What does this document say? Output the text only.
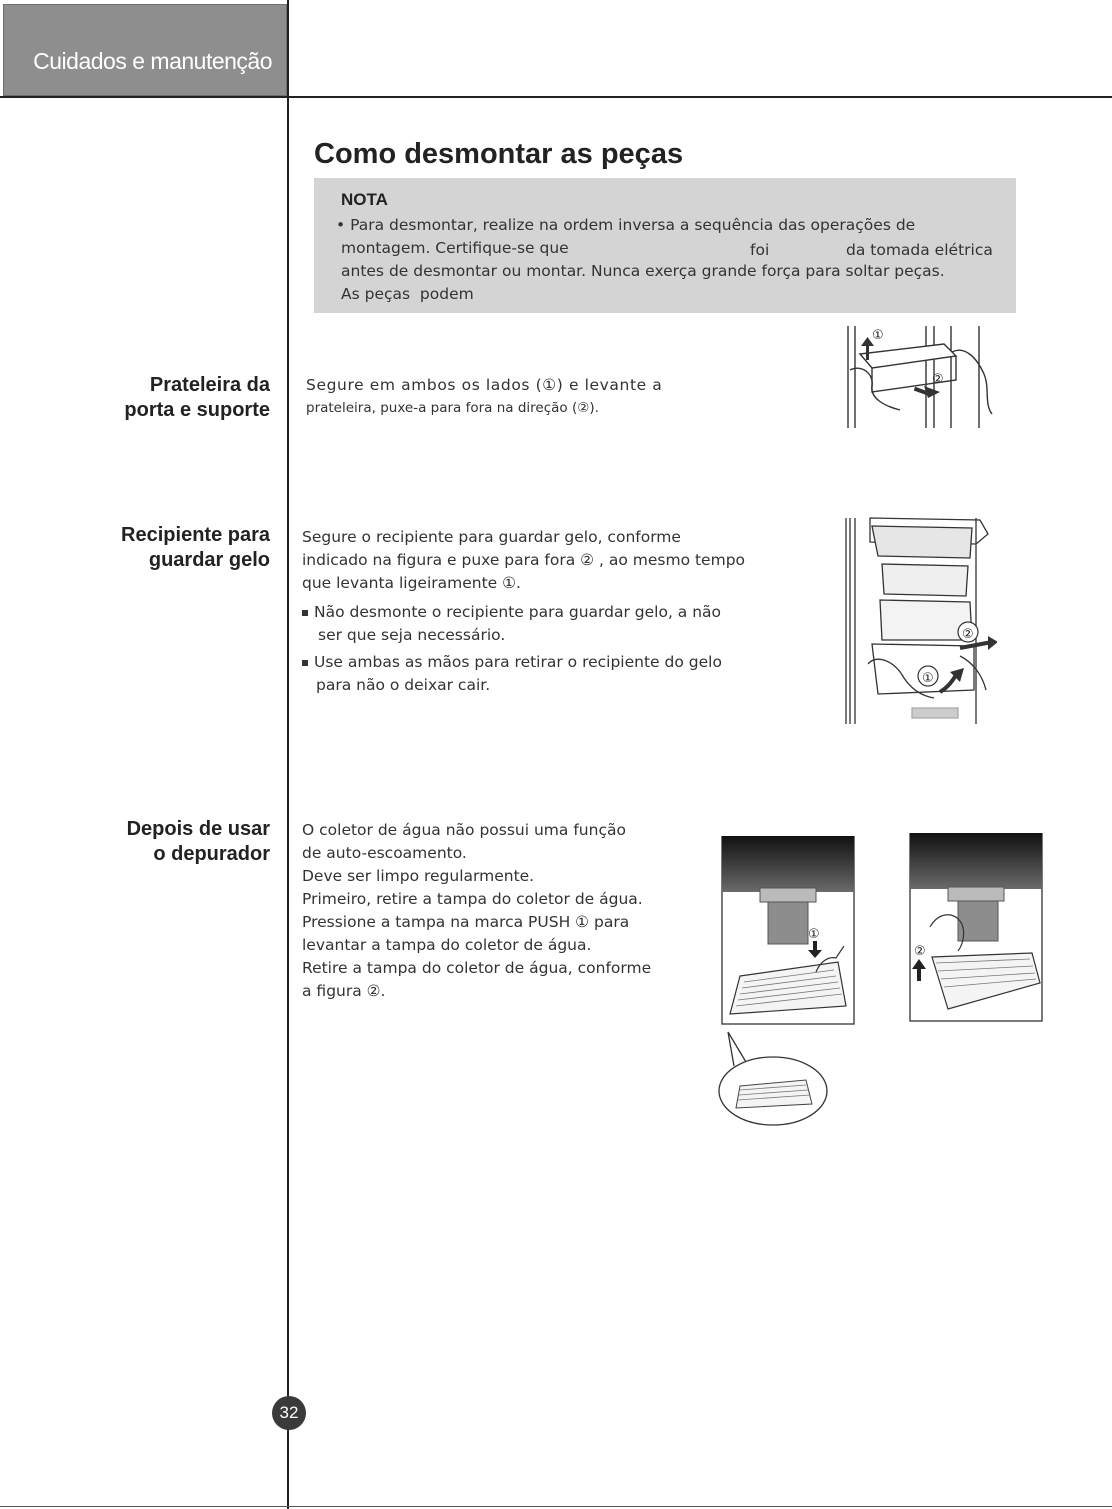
Cuidados e manutenção
Como desmontar as peças
NOTA
• Para desmontar, realize na ordem inversa a sequência das operações de
montagem. Certifique-se que	foi	da tomada elétrica
antes de desmontar ou montar. Nunca exerça grande força para soltar peças.
As peças  podem
Prateleira da
porta e suporte

Segure em ambos os lados (①) e levante a

prateleira, puxe-a para fora na direção (②).

①
②
Recipiente para
guardar gelo

Segure o recipiente para guardar gelo, conforme

indicado na figura e puxe para fora ② , ao mesmo tempo

que levanta ligeiramente ①.

Não desmonte o recipiente para guardar gelo, a não

ser que seja necessário.

Use ambas as mãos para retirar o recipiente do gelo

para não o deixar cair.

②
①
Depois de usar
o depurador

O coletor de água não possui uma função

de auto-escoamento.

Deve ser limpo regularmente.

Primeiro, retire a tampa do coletor de água.

Pressione a tampa na marca PUSH ① para

levantar a tampa do coletor de água.

Retire a tampa do coletor de água, conforme

a figura ②.

①
②
32
